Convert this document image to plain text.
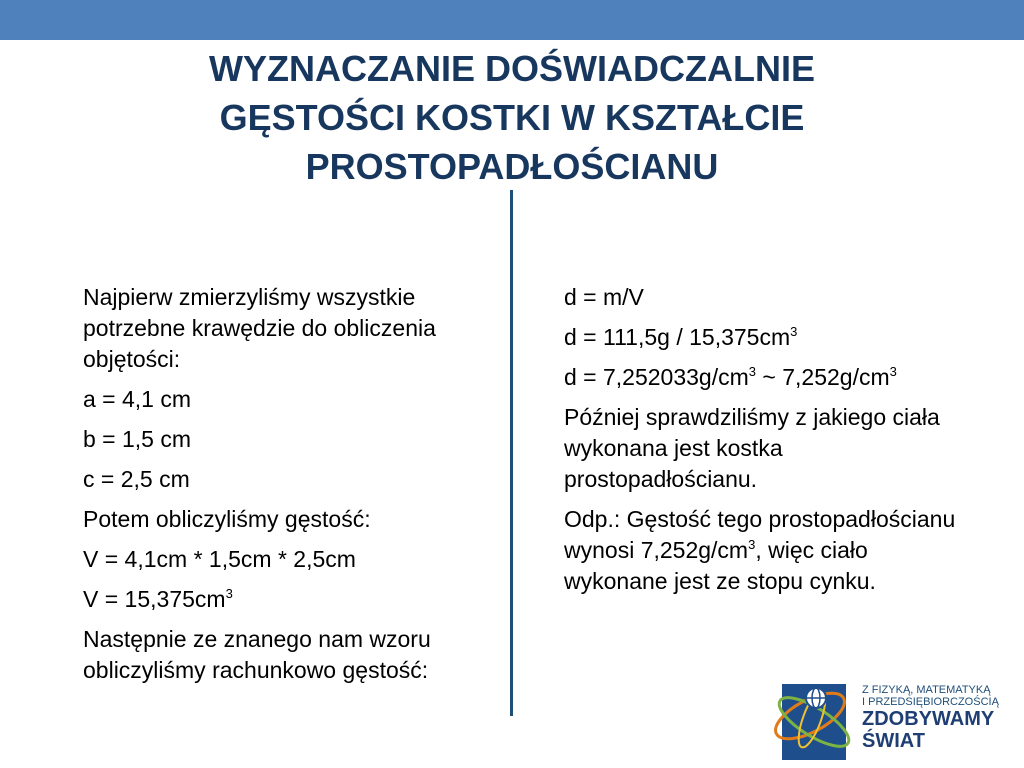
WYZNACZANIE DOŚWIADCZALNIE
GĘSTOŚCI KOSTKI W KSZTAŁCIE
PROSTOPADŁOŚCIANU

Najpierw zmierzyliśmy wszystkie potrzebne krawędzie do obliczenia objętości:

a = 4,1 cm

b = 1,5 cm

c = 2,5 cm

Potem obliczyliśmy gęstość:

V = 4,1cm * 1,5cm * 2,5cm

$V = 15,375cm^3$

Następnie ze znanego nam wzoru obliczyliśmy rachunkowo gęstość:

d = m/V

$d = 111,5g / 15,375cm^3$

$d = 7,252033g/cm^3$ ~ $7,252g/cm^3$

Później sprawdziliśmy z jakiego ciała wykonana jest kostka prostopadłościanu.

Odp.: Gęstość tego prostopadłościanu wynosi $7,252g/cm^3$, więc ciało wykonane jest ze stopu cynku.

Z FIZYKĄ, MATEMATYKĄ
I PRZEDSIĘBIORCZOŚCIĄ
ZDOBYWAMY
ŚWIAT
